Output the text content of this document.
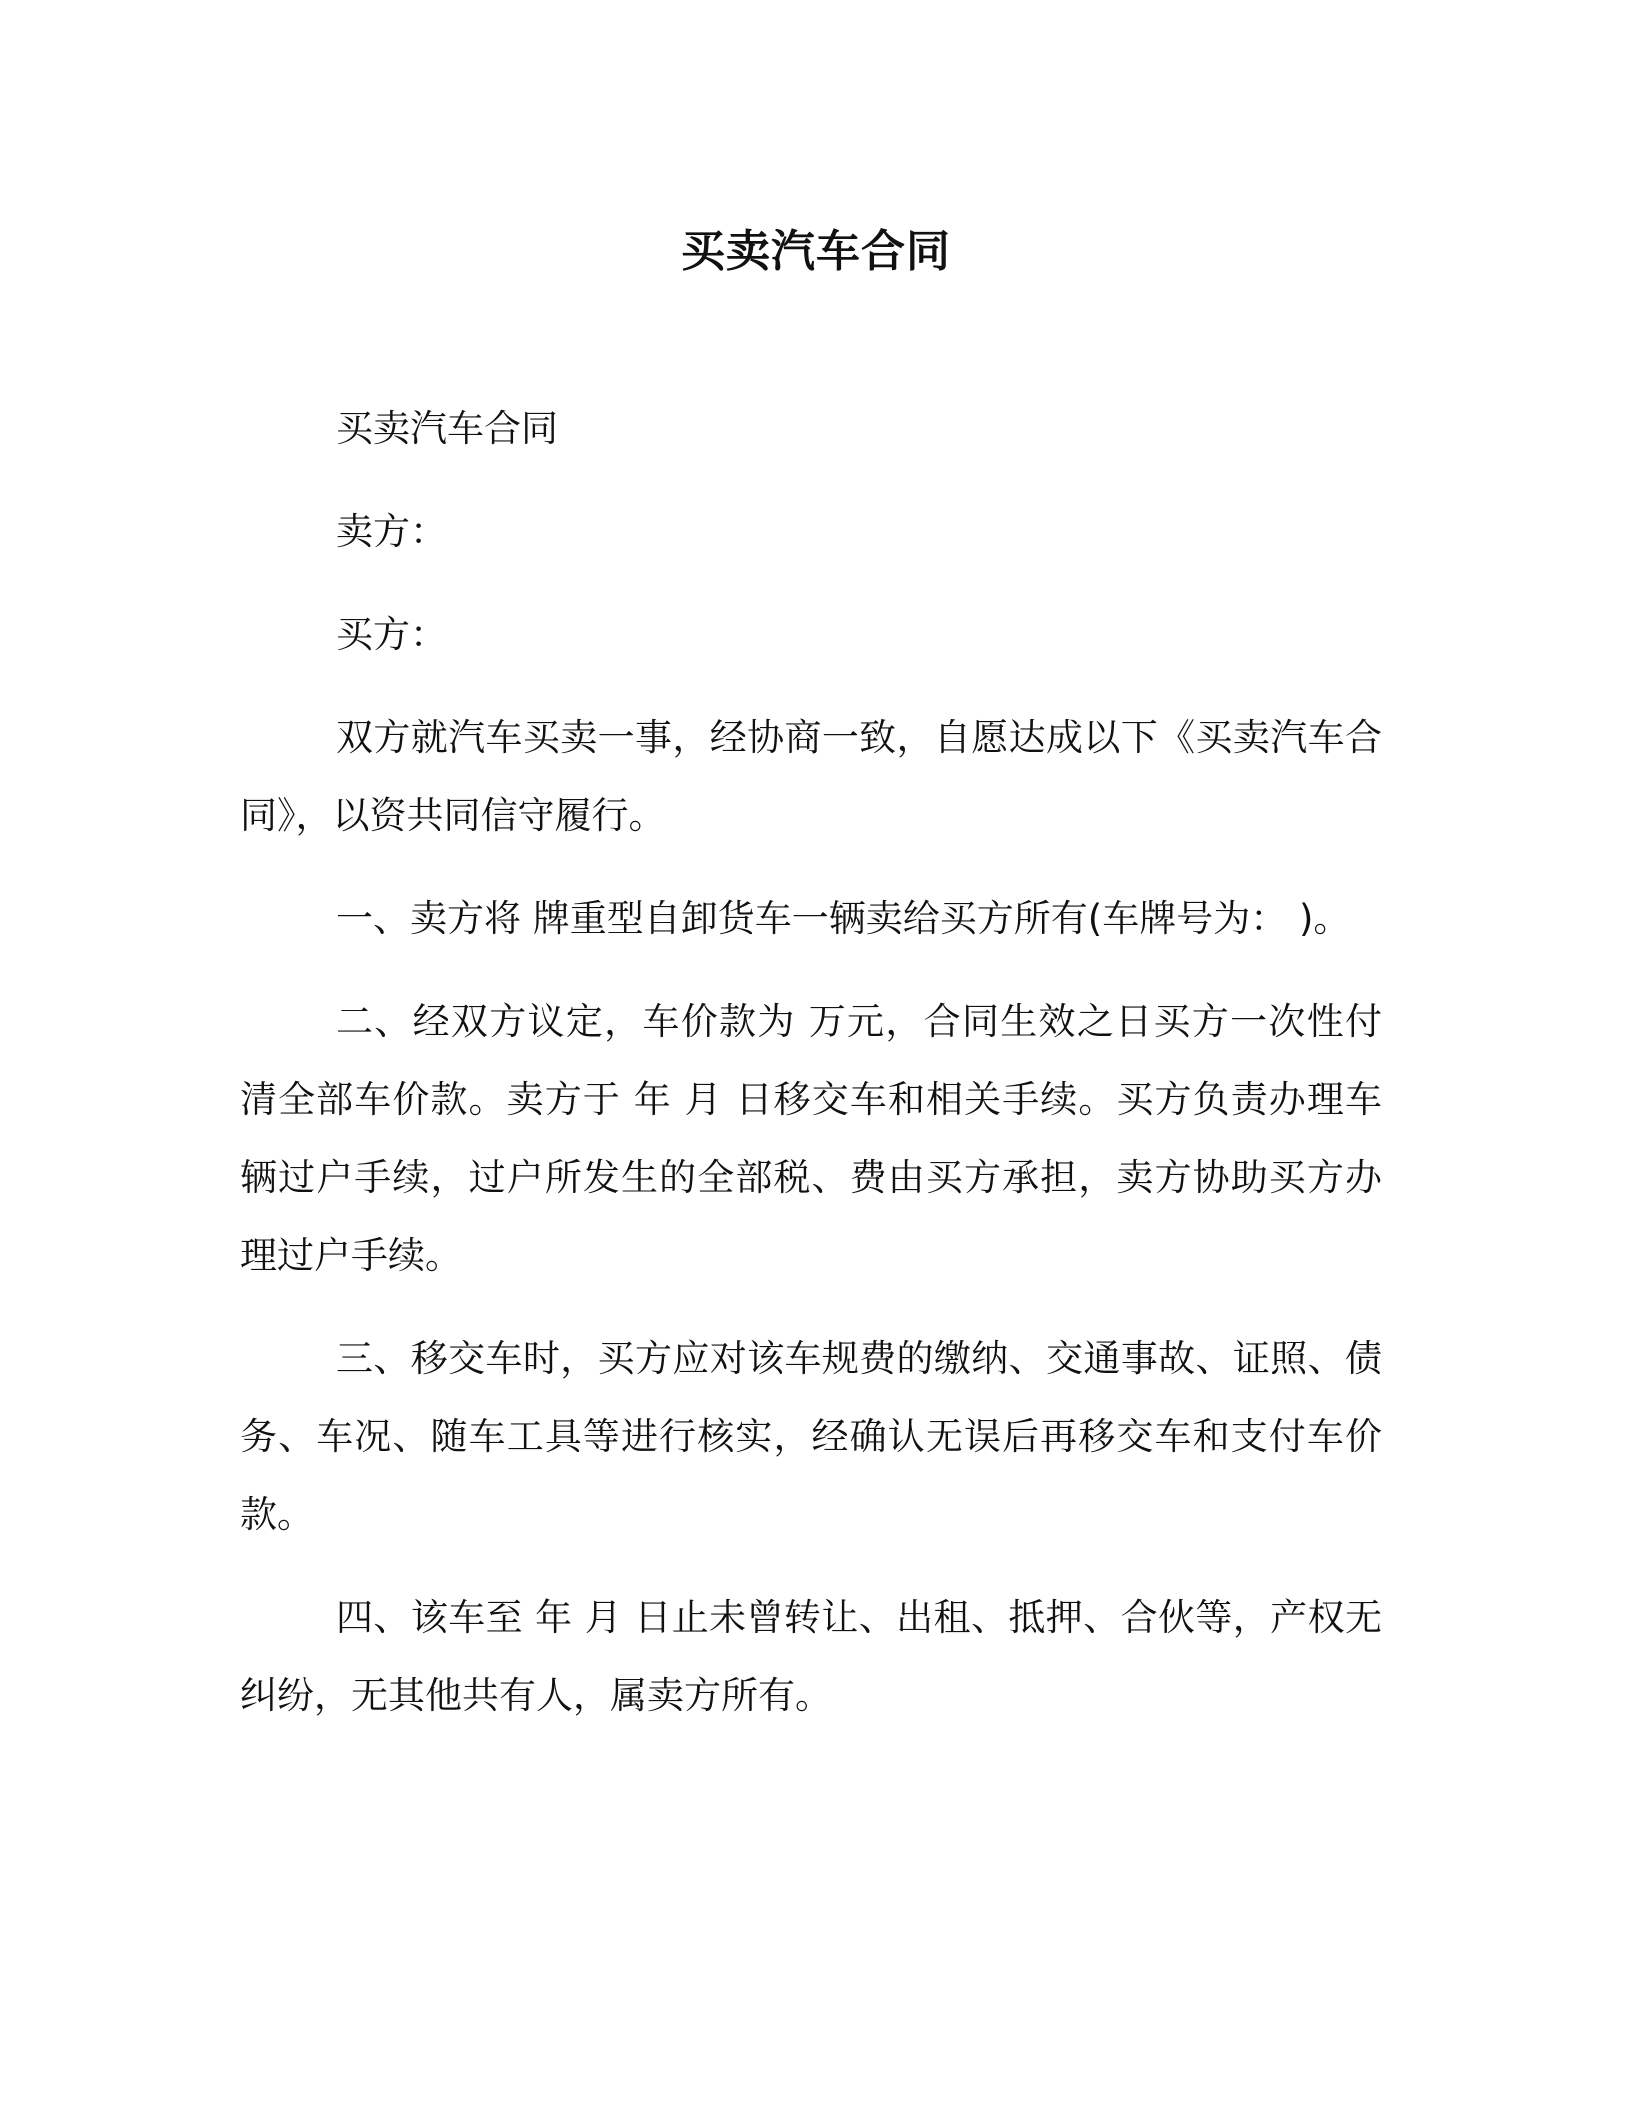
买卖汽车合同

买卖汽车合同

卖方：

买方：

双方就汽车买卖一事，经协商一致，自愿达成以下《买卖汽车合同》，以资共同信守履行。

一、卖方将 牌重型自卸货车一辆卖给买方所有(车牌号为： )。

二、经双方议定，车价款为 万元，合同生效之日买方一次性付清全部车价款。卖方于 年 月 日移交车和相关手续。买方负责办理车辆过户手续，过户所发生的全部税、费由买方承担，卖方协助买方办理过户手续。

三、移交车时，买方应对该车规费的缴纳、交通事故、证照、债务、车况、随车工具等进行核实，经确认无误后再移交车和支付车价款。

四、该车至 年 月 日止未曾转让、出租、抵押、合伙等，产权无纠纷，无其他共有人，属卖方所有。
